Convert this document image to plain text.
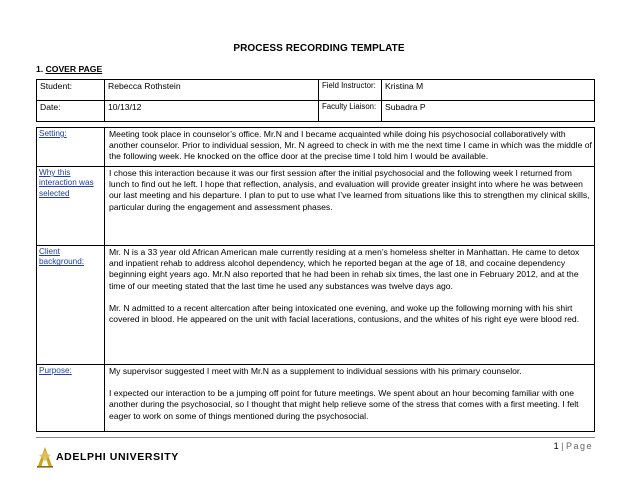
PROCESS RECORDING TEMPLATE
1. COVER PAGE
Student:	Rebecca Rothstein	Field Instructor:	Kristina M
Date:	10/13/12	Faculty Liaison:	Subadra P
Setting:	Meeting took place in counselor’s office. Mr.N and I became acquainted while doing his psychosocial collaboratively with another counselor. Prior to individual session, Mr. N agreed to check in with me the next time I came in which was the middle of the following week. He knocked on the office door at the precise time I told him I would be available.

Why this interaction was selected	I chose this interaction because it was our first session after the initial psychosocial and the following week I returned from lunch to find out he left. I hope that reflection, analysis, and evaluation will provide greater insight into where he was between our last meeting and his departure. I plan to put to use what I’ve learned from situations like this to strengthen my clinical skills, particular during the engagement and assessment phases.

Client background:	Mr. N is a 33 year old African American male currently residing at a men’s homeless shelter in Manhattan. He came to detox and inpatient rehab to address alcohol dependency, which he reported began at the age of 18, and cocaine dependency beginning eight years ago. Mr.N also reported that he had been in rehab six times, the last one in February 2012, and at the time of our meeting stated that the last time he used any substances was twelve days ago.

Mr. N admitted to a recent altercation after being intoxicated one evening, and woke up the following morning with his shirt covered in blood. He appeared on the unit with facial lacerations, contusions, and the whites of his right eye were blood red.

Purpose:	My supervisor suggested I meet with Mr.N as a supplement to individual sessions with his primary counselor.

I expected our interaction to be a jumping off point for future meetings. We spent about an hour becoming familiar with one another during the psychosocial, so I thought that might help relieve some of the stress that comes with a first meeting. I felt eager to work on some of things mentioned during the psychosocial.

1 | Page
ADELPHI UNIVERSITY
